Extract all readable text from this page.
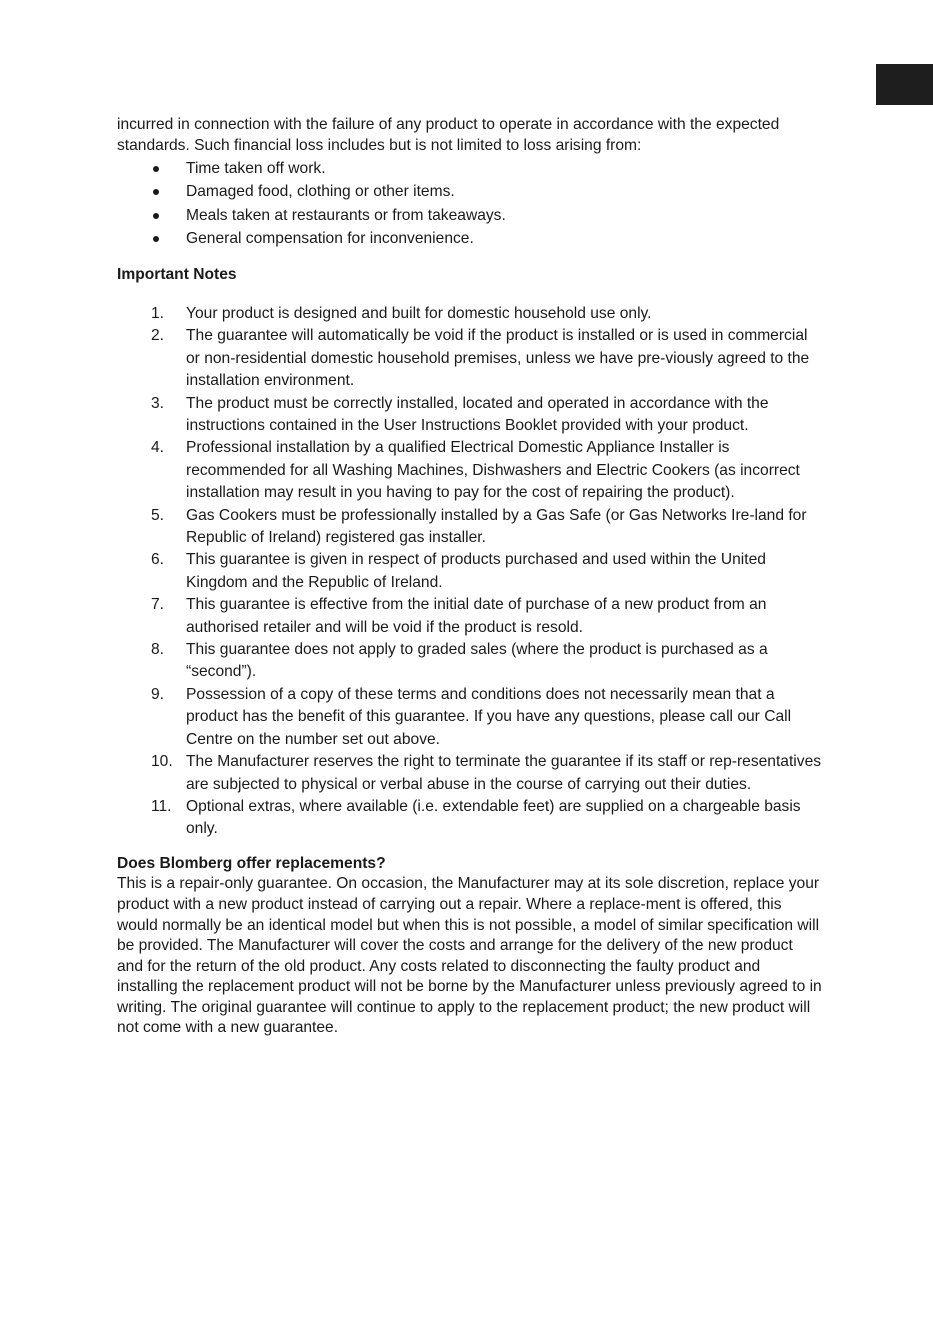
incurred in connection with the failure of any product to operate in accordance with the expected standards. Such financial loss includes but is not limited to loss arising from:

Time taken off work.
Damaged food, clothing or other items.
Meals taken at restaurants or from takeaways.
General compensation for inconvenience.

Important Notes

1. Your product is designed and built for domestic household use only.
2. The guarantee will automatically be void if the product is installed or is used in commercial or non-residential domestic household premises, unless we have pre-viously agreed to the installation environment.
3. The product must be correctly installed, located and operated in accordance with the instructions contained in the User Instructions Booklet provided with your product.
4. Professional installation by a qualified Electrical Domestic Appliance Installer is recommended for all Washing Machines, Dishwashers and Electric Cookers (as incorrect installation may result in you having to pay for the cost of repairing the product).
5. Gas Cookers must be professionally installed by a Gas Safe (or Gas Networks Ire-land for Republic of Ireland) registered gas installer.
6. This guarantee is given in respect of products purchased and used within the United Kingdom and the Republic of Ireland.
7. This guarantee is effective from the initial date of purchase of a new product from an authorised retailer and will be void if the product is resold.
8. This guarantee does not apply to graded sales (where the product is purchased as a “second”).
9. Possession of a copy of these terms and conditions does not necessarily mean that a product has the benefit of this guarantee. If you have any questions, please call our Call Centre on the number set out above.
10. The Manufacturer reserves the right to terminate the guarantee if its staff or rep-resentatives are subjected to physical or verbal abuse in the course of carrying out their duties.
11. Optional extras, where available (i.e. extendable feet) are supplied on a chargeable basis only.

Does Blomberg offer replacements?

This is a repair-only guarantee. On occasion, the Manufacturer may at its sole discretion, replace your product with a new product instead of carrying out a repair. Where a replace-ment is offered, this would normally be an identical model but when this is not possible, a model of similar specification will be provided. The Manufacturer will cover the costs and arrange for the delivery of the new product and for the return of the old product. Any costs related to disconnecting the faulty product and installing the replacement product will not be borne by the Manufacturer unless previously agreed to in writing. The original guarantee will continue to apply to the replacement product; the new product will not come with a new guarantee.
